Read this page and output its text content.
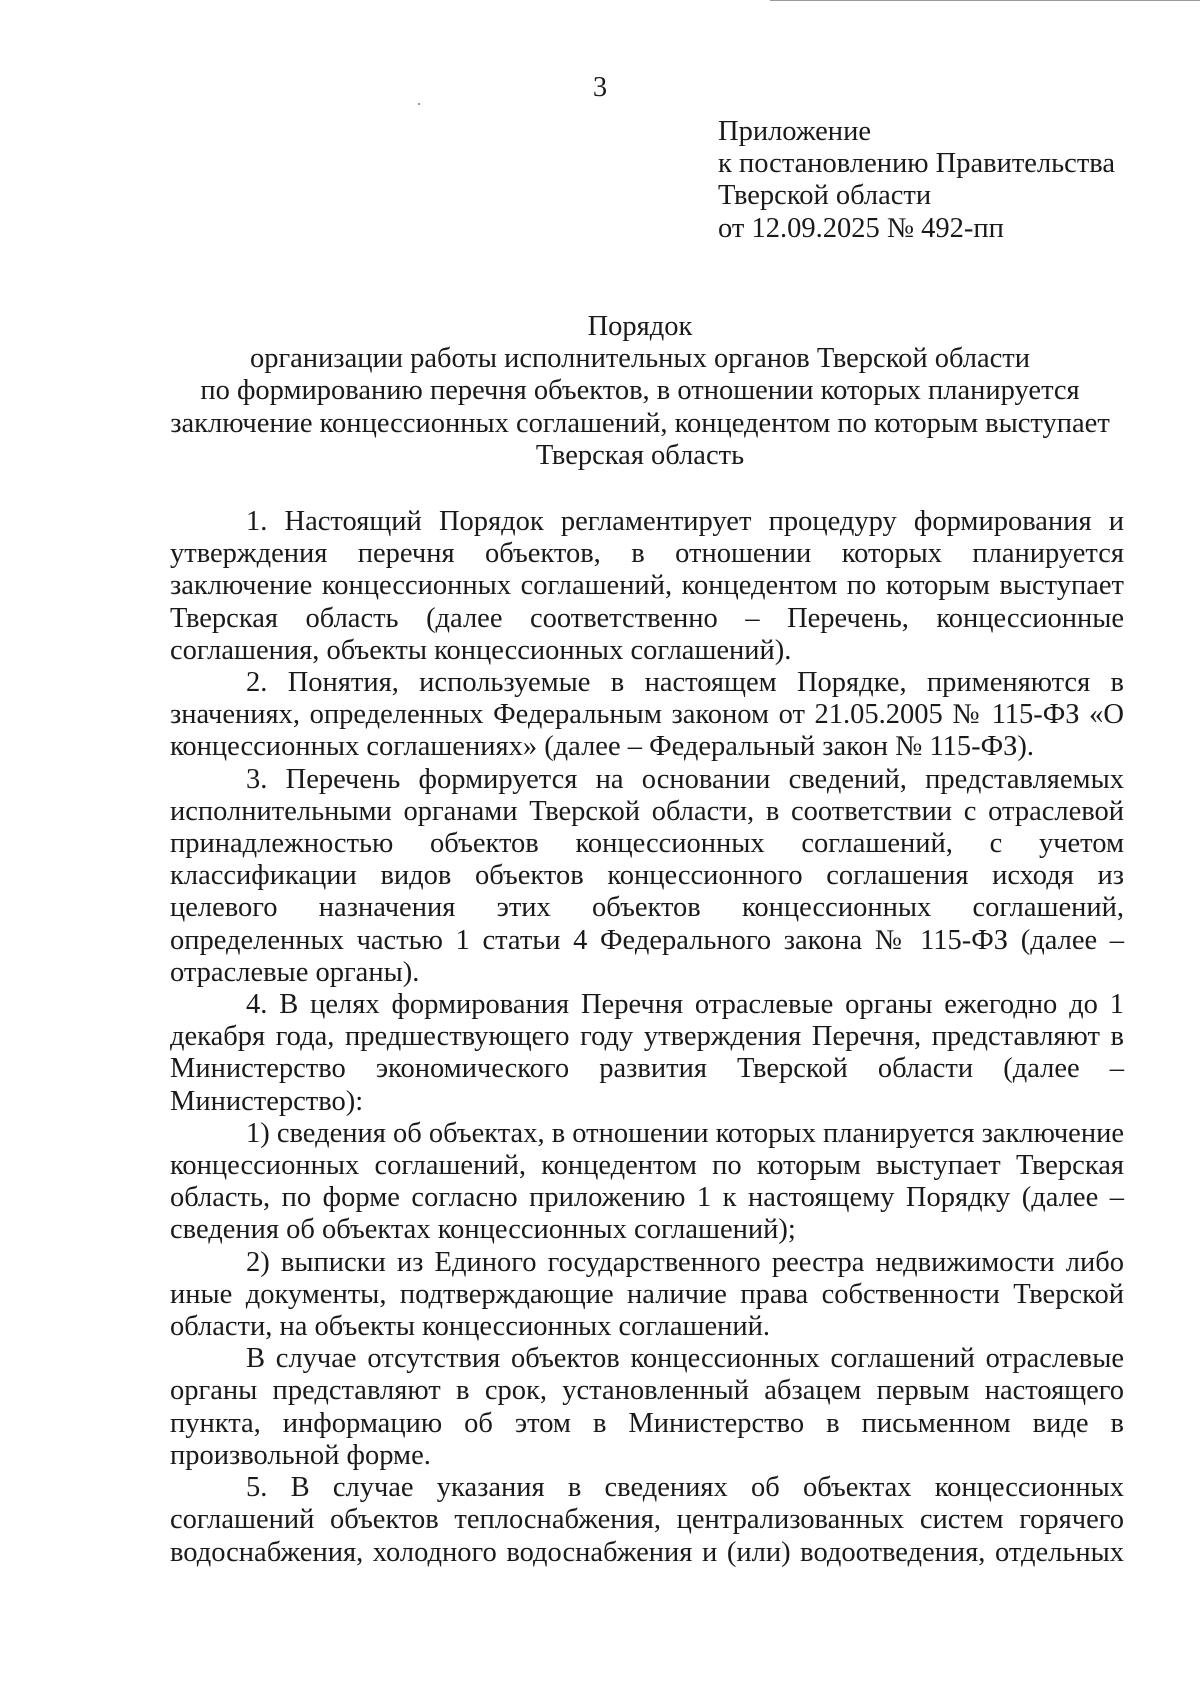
3

Приложение
к постановлению Правительства
Тверской области
от 12.09.2025 № 492-пп
Порядок
организации работы исполнительных органов Тверской области
по формированию перечня объектов, в отношении которых планируется
заключение концессионных соглашений, концедентом по которым выступает
Тверская область

1. Настоящий Порядок регламентирует процедуру формирования и утверждения перечня объектов, в отношении которых планируется заключение концессионных соглашений, концедентом по которым выступает Тверская область (далее соответственно – Перечень, концессионные соглашения, объекты концессионных соглашений).

2. Понятия, используемые в настоящем Порядке, применяются в значениях, определенных Федеральным законом от 21.05.2005 № 115-ФЗ «О концессионных соглашениях» (далее – Федеральный закон № 115-ФЗ).

3. Перечень формируется на основании сведений, представляемых исполнительными органами Тверской области, в соответствии с отраслевой принадлежностью объектов концессионных соглашений, с учетом классификации видов объектов концессионного соглашения исходя из целевого назначения этих объектов концессионных соглашений, определенных частью 1 статьи 4 Федерального закона № 115-ФЗ (далее – отраслевые органы).

4. В целях формирования Перечня отраслевые органы ежегодно до 1 декабря года, предшествующего году утверждения Перечня, представляют в Министерство экономического развития Тверской области (далее – Министерство):

1) сведения об объектах, в отношении которых планируется заключение концессионных соглашений, концедентом по которым выступает Тверская область, по форме согласно приложению 1 к настоящему Порядку (далее – сведения об объектах концессионных соглашений);

2) выписки из Единого государственного реестра недвижимости либо иные документы, подтверждающие наличие права собственности Тверской области, на объекты концессионных соглашений.

В случае отсутствия объектов концессионных соглашений отраслевые органы представляют в срок, установленный абзацем первым настоящего пункта, информацию об этом в Министерство в письменном виде в произвольной форме.

5. В случае указания в сведениях об объектах концессионных соглашений объектов теплоснабжения, централизованных систем горячего водоснабжения, холодного водоснабжения и (или) водоотведения, отдельных
